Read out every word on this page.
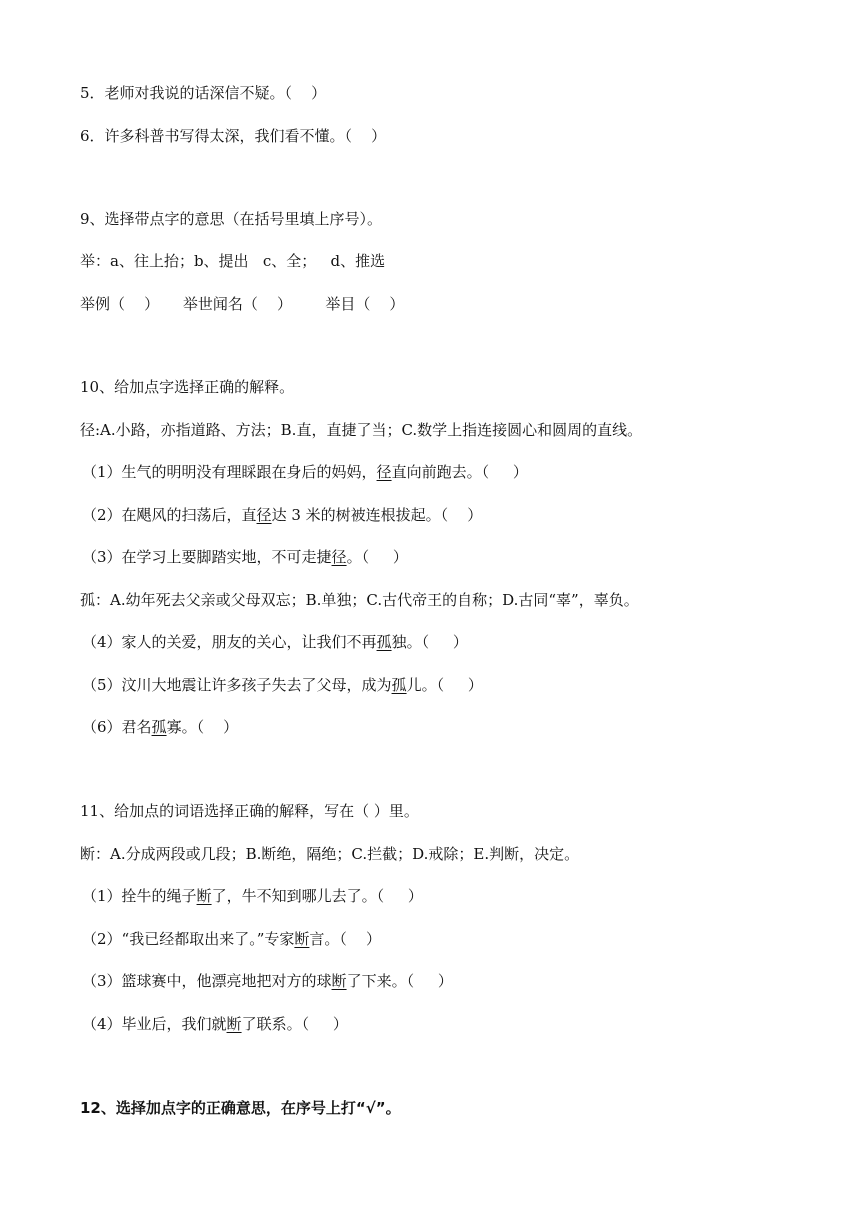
5．老师对我说的话深信不疑。（    ）
6．许多科普书写得太深，我们看不懂。（    ）
9、选择带点字的意思（在括号里填上序号）。
举：a、往上抬；b、提出   c、全；   d、推选
举例（    ）     举世闻名（    ）       举目（    ）
10、给加点字选择正确的解释。
径:A.小路，亦指道路、方法；B.直，直捷了当；C.数学上指连接圆心和圆周的直线。
（1）生气的明明没有理睬跟在身后的妈妈，径直向前跑去。（     ）
（2）在飓风的扫荡后，直径达 3 米的树被连根拔起。（    ）
（3）在学习上要脚踏实地，不可走捷径。（     ）
孤：A.幼年死去父亲或父母双忘；B.单独；C.古代帝王的自称；D.古同“辜”，辜负。
（4）家人的关爱，朋友的关心，让我们不再孤独。（     ）
（5）汶川大地震让许多孩子失去了父母，成为孤儿。（     ）
（6）君名孤寡。（    ）
11、给加点的词语选择正确的解释，写在（ ）里。
断：A.分成两段或几段；B.断绝，隔绝；C.拦截；D.戒除；E.判断，决定。
（1）拴牛的绳子断了，牛不知到哪儿去了。（     ）
（2）“我已经都取出来了。”专家断言。（    ）
（3）篮球赛中，他漂亮地把对方的球断了下来。（     ）
（4）毕业后，我们就断了联系。（     ）
12、选择加点字的正确意思，在序号上打“√”。
